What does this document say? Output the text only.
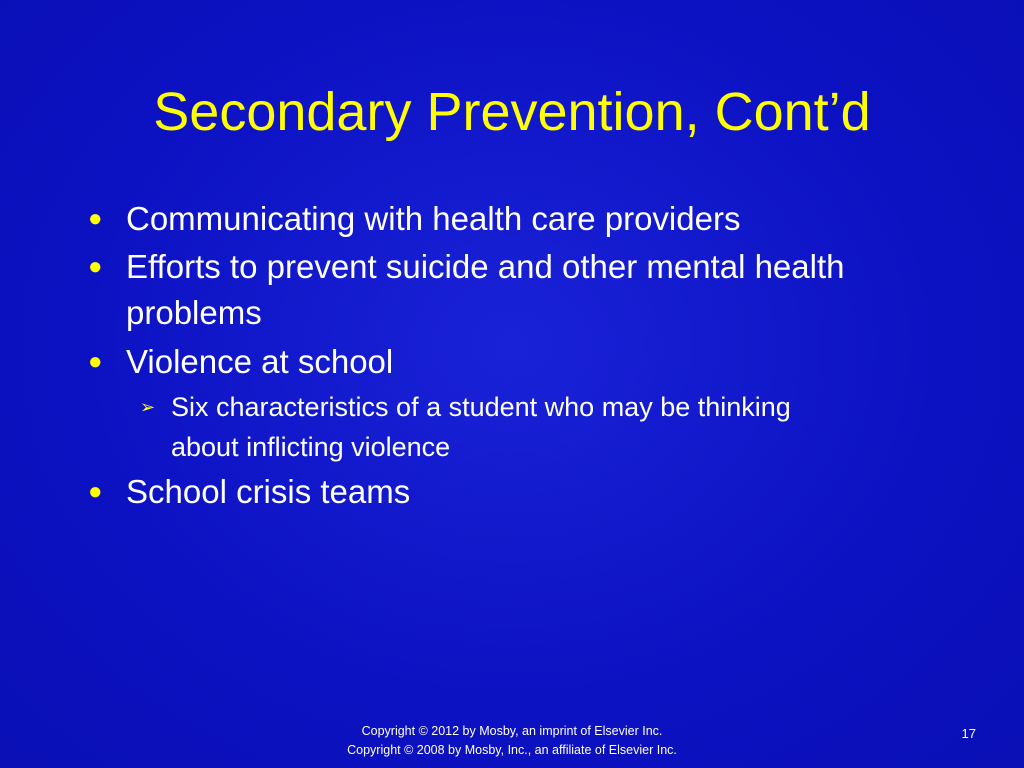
Secondary Prevention, Cont’d
● Communicating with health care providers
● Efforts to prevent suicide and other mental health problems
● Violence at school
➢ Six characteristics of a student who may be thinking about inflicting violence
● School crisis teams
Copyright © 2012 by Mosby, an imprint of Elsevier Inc.
Copyright © 2008 by Mosby, Inc., an affiliate of Elsevier Inc.
17
